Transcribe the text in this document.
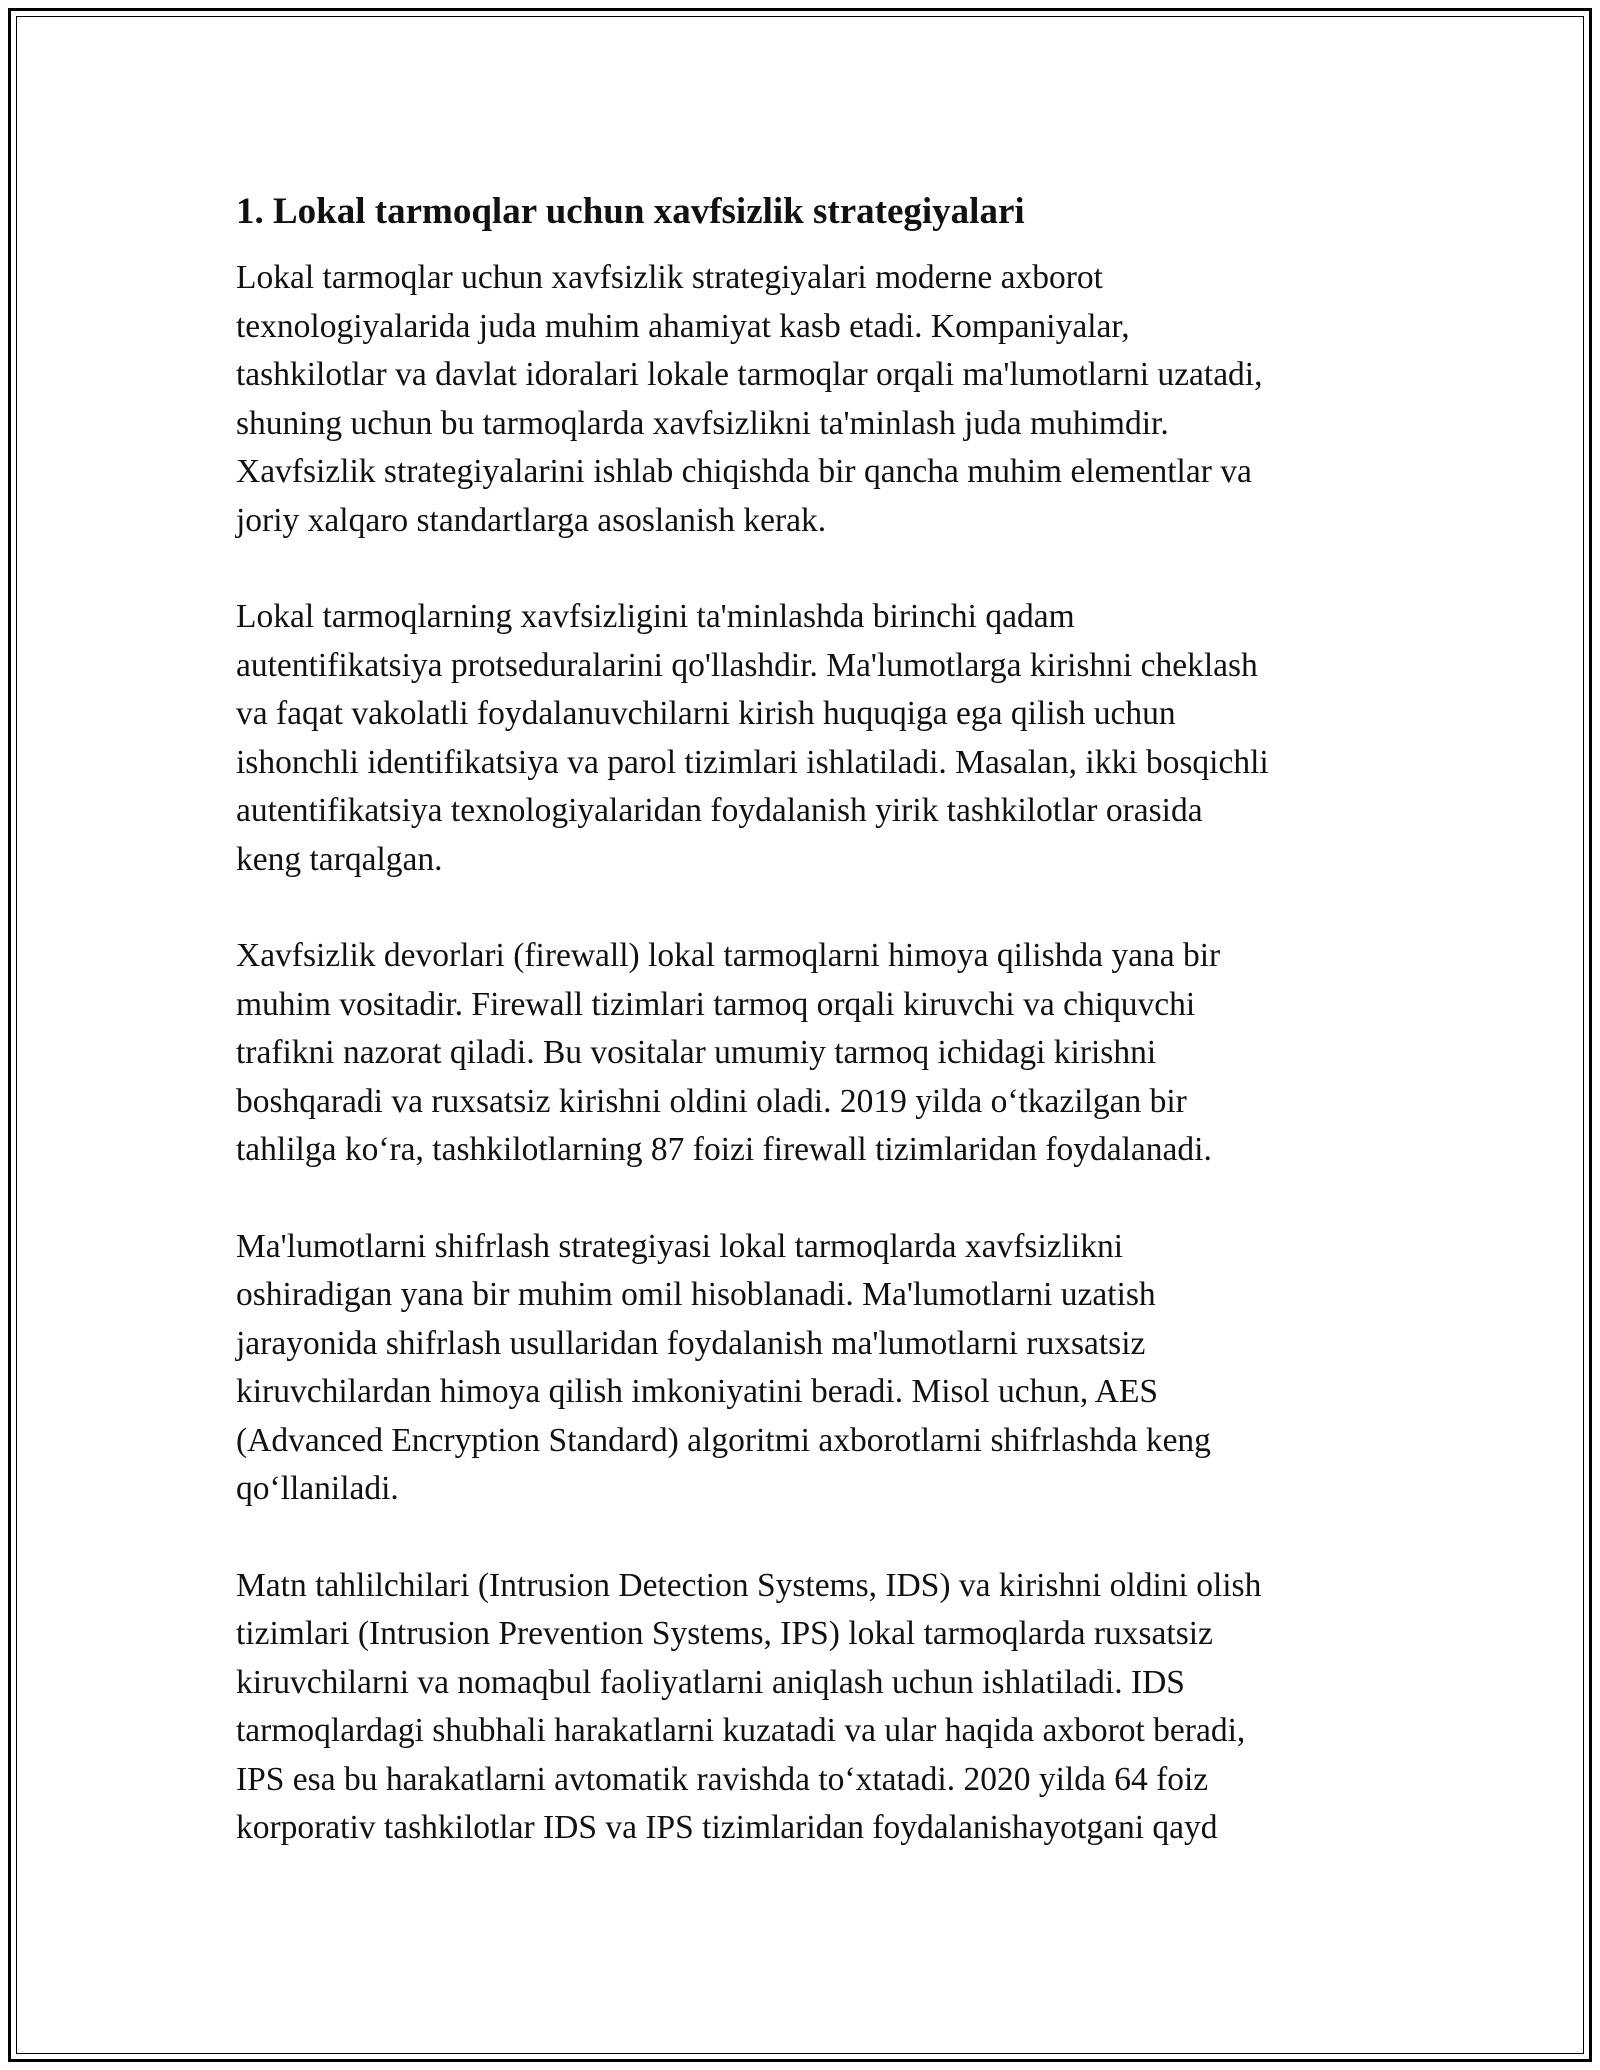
1. Lokal tarmoqlar uchun xavfsizlik strategiyalari
Lokal tarmoqlar uchun xavfsizlik strategiyalari moderne axborot
texnologiyalarida juda muhim ahamiyat kasb etadi. Kompaniyalar,
tashkilotlar va davlat idoralari lokale tarmoqlar orqali ma'lumotlarni uzatadi,
shuning uchun bu tarmoqlarda xavfsizlikni ta'minlash juda muhimdir.
Xavfsizlik strategiyalarini ishlab chiqishda bir qancha muhim elementlar va
joriy xalqaro standartlarga asoslanish kerak.
Lokal tarmoqlarning xavfsizligini ta'minlashda birinchi qadam
autentifikatsiya protseduralarini qo'llashdir. Ma'lumotlarga kirishni cheklash
va faqat vakolatli foydalanuvchilarni kirish huquqiga ega qilish uchun
ishonchli identifikatsiya va parol tizimlari ishlatiladi. Masalan, ikki bosqichli
autentifikatsiya texnologiyalaridan foydalanish yirik tashkilotlar orasida
keng tarqalgan.
Xavfsizlik devorlari (firewall) lokal tarmoqlarni himoya qilishda yana bir
muhim vositadir. Firewall tizimlari tarmoq orqali kiruvchi va chiquvchi
trafikni nazorat qiladi. Bu vositalar umumiy tarmoq ichidagi kirishni
boshqaradi va ruxsatsiz kirishni oldini oladi. 2019 yilda o‘tkazilgan bir
tahlilga ko‘ra, tashkilotlarning 87 foizi firewall tizimlaridan foydalanadi.
Ma'lumotlarni shifrlash strategiyasi lokal tarmoqlarda xavfsizlikni
oshiradigan yana bir muhim omil hisoblanadi. Ma'lumotlarni uzatish
jarayonida shifrlash usullaridan foydalanish ma'lumotlarni ruxsatsiz
kiruvchilardan himoya qilish imkoniyatini beradi. Misol uchun, AES
(Advanced Encryption Standard) algoritmi axborotlarni shifrlashda keng
qo‘llaniladi.
Matn tahlilchilari (Intrusion Detection Systems, IDS) va kirishni oldini olish
tizimlari (Intrusion Prevention Systems, IPS) lokal tarmoqlarda ruxsatsiz
kiruvchilarni va nomaqbul faoliyatlarni aniqlash uchun ishlatiladi. IDS
tarmoqlardagi shubhali harakatlarni kuzatadi va ular haqida axborot beradi,
IPS esa bu harakatlarni avtomatik ravishda to‘xtatadi. 2020 yilda 64 foiz
korporativ tashkilotlar IDS va IPS tizimlaridan foydalanishayotgani qayd
